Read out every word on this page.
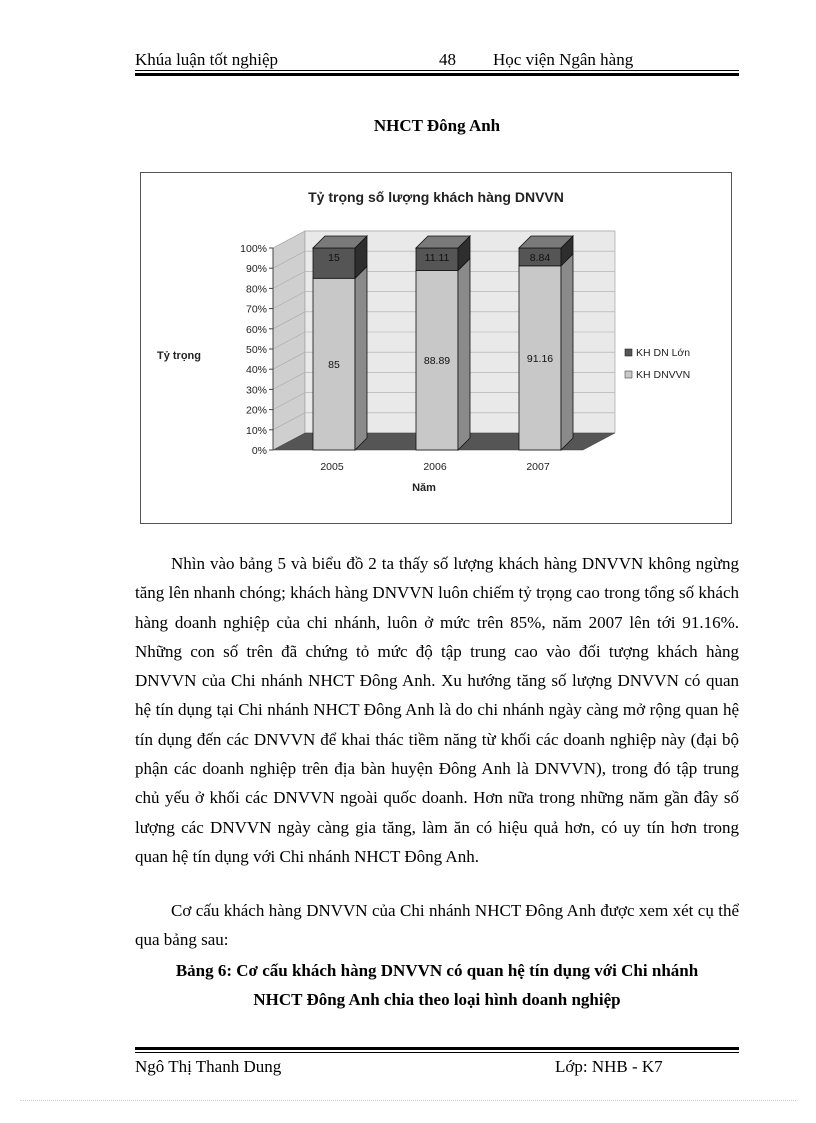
Khúa luận tốt nghiệp	48 Học viện Ngân hàng
NHCT Đông Anh
Tỷ trọng số lượng khách hàng DNVVN
0%
10%
20%
30%
40%
50%
60%
70%
80%
90%
100%
85
15
88.89
11.11
91.16
8.84
2005	2006	2007
Tỷ trọng
Năm
KH DN Lớn
KH DNVVN
Nhìn vào bảng 5 và biểu đồ 2 ta thấy số lượng khách hàng DNVVN không ngừng tăng lên nhanh chóng; khách hàng DNVVN luôn chiếm tỷ trọng cao trong tổng số khách hàng doanh nghiệp của chi nhánh, luôn ở mức trên 85%, năm 2007 lên tới 91.16%. Những con số trên đã chứng tỏ mức độ tập trung cao vào đối tượng khách hàng DNVVN của Chi nhánh NHCT Đông Anh. Xu hướng tăng số lượng DNVVN có quan hệ tín dụng tại Chi nhánh NHCT Đông Anh là do chi nhánh ngày càng mở rộng quan hệ tín dụng đến các DNVVN để khai thác tiềm năng từ khối các doanh nghiệp này (đại bộ phận các doanh nghiệp trên địa bàn huyện Đông Anh là DNVVN), trong đó tập trung chủ yếu ở khối các DNVVN ngoài quốc doanh. Hơn nữa trong những năm gần đây số lượng các DNVVN ngày càng gia tăng, làm ăn có hiệu quả hơn, có uy tín hơn trong quan hệ tín dụng với Chi nhánh NHCT Đông Anh.
Cơ cấu khách hàng DNVVN của Chi nhánh NHCT Đông Anh được xem xét cụ thể qua bảng sau:
Bảng 6: Cơ cấu khách hàng DNVVN có quan hệ tín dụng với Chi nhánh
NHCT Đông Anh chia theo loại hình doanh nghiệp
Ngô Thị Thanh Dung	Lớp: NHB - K7
